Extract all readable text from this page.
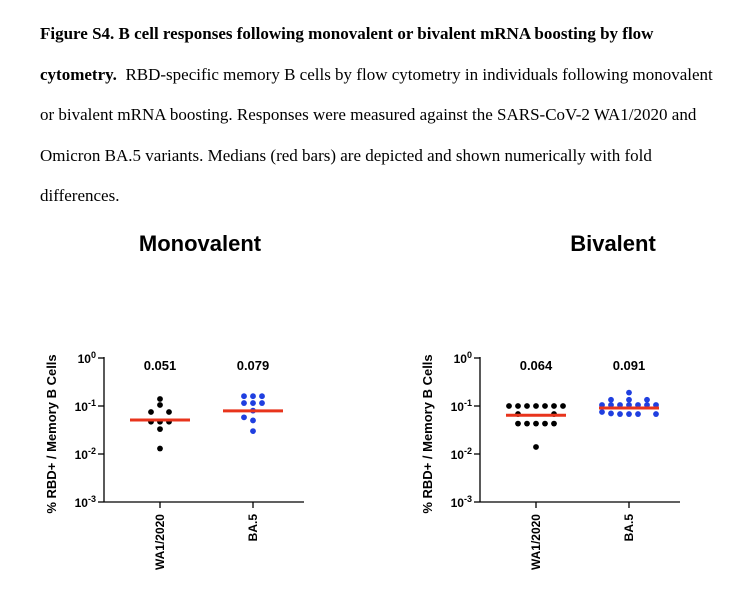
Figure S4. B cell responses following monovalent or bivalent mRNA boosting by flow cytometry. RBD-specific memory B cells by flow cytometry in individuals following monovalent or bivalent mRNA boosting. Responses were measured against the SARS-CoV-2 WA1/2020 and Omicron BA.5 variants. Medians (red bars) are depicted and shown numerically with fold differences.
Monovalent	Bivalent
% RBD+ / Memory B Cells $10^0$
$10^{-1}$
$10^{-2}$
$10^{-3}$
WA1/2020
0.051
BA.5
0.079	% RBD+ / Memory B Cells $10^0$
$10^{-1}$
$10^{-2}$
$10^{-3}$
WA1/2020
0.064
BA.5
0.091
